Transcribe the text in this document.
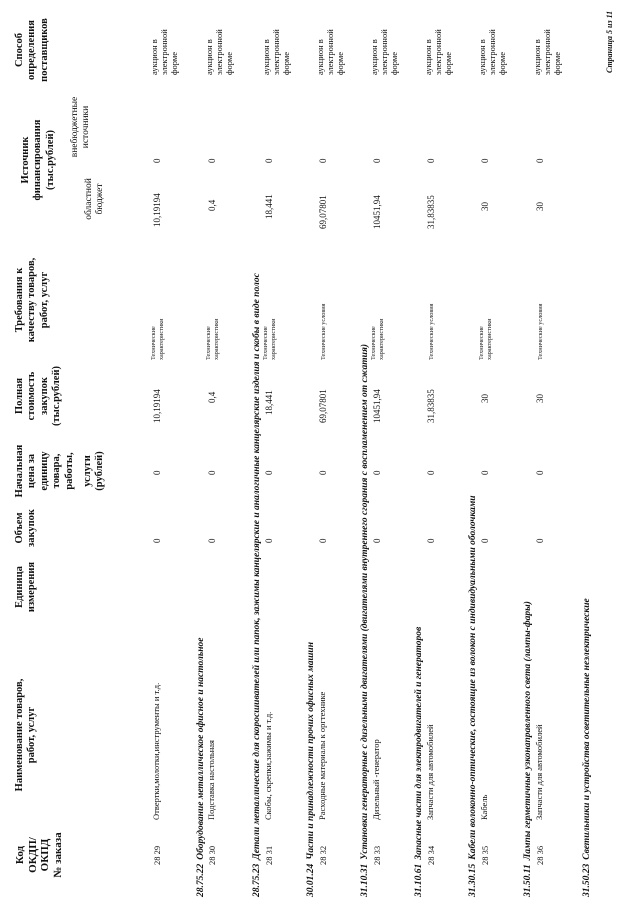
Код
ОКДП/
ОКПД
№ заказа
Наименование товаров,
работ, услуг
Единица
измерения
Объем
закупок
Начальная
цена за
единицу
товара,
работы, услуги
(рублей)
Полная
стоимость
закупок
(тыс.рублей)
Требования к
качеству товаров,
работ, услуг
Источник
финансирования
(тыс.рублей)
областной
бюджет
внебюджетные
источники
Способ
определения
поставщиков
28 29
Отвертки,молотки,инструменты и т.д.
0
0
10,19194
Технические
характеристики
10,19194
0
аукцион в
электронной
форме
28.75.22Оборудование металлическое офисное и настольное 28 30
Подставка настольная
0
0
0,4
Технические
характеристики
0,4
0
аукцион в
электронной
форме
28.75.23Детали металлические для скоросшивателей или папок, зажимы канцелярские и аналогичные канцелярские изделия и скобы в виде полос 28 31
Скобы, скрепки,зажимы и т.д.
0
0
18,441
Технические
характеристики
18,441
0
аукцион в
электронной
форме
30.01.24Части и принадлежности прочих офисных машин 28 32
Расходные материалы к оргтехнике
0
0
69,07801
Технические условия
69,07801
0
аукцион в
электронной
форме
31.10.31Установки генераторные с дизельными двигателями (двигателями внутреннего сгорания с воспламенением от сжатия) 28 33
Дизельный -генератор
0
0
10451,94
Технические
характеристики
10451,94
0
аукцион в
электронной
форме
31.10.61Запасные части для электродвигателей и генераторов 28 34
Запчасти для автомобилей
0
0
31,83835
Технические условия
31,83835
0
аукцион в
электронной
форме
31.30.15Кабели волоконно-оптические, состоящие из волокон с индивидуальными оболочками 28 35
Кабель
0
0
30
Технические
характеристики
30
0
аукцион в
электронной
форме
31.50.11Лампы герметичные узконаправленного света (лампы-фары) 28 36
Запчасти для автомобилей
0
0
30
Технические условия
30
0
аукцион в
электронной
форме
31.50.23Светильники и устройства осветительные неэлектрические
Страница 5 из 11
